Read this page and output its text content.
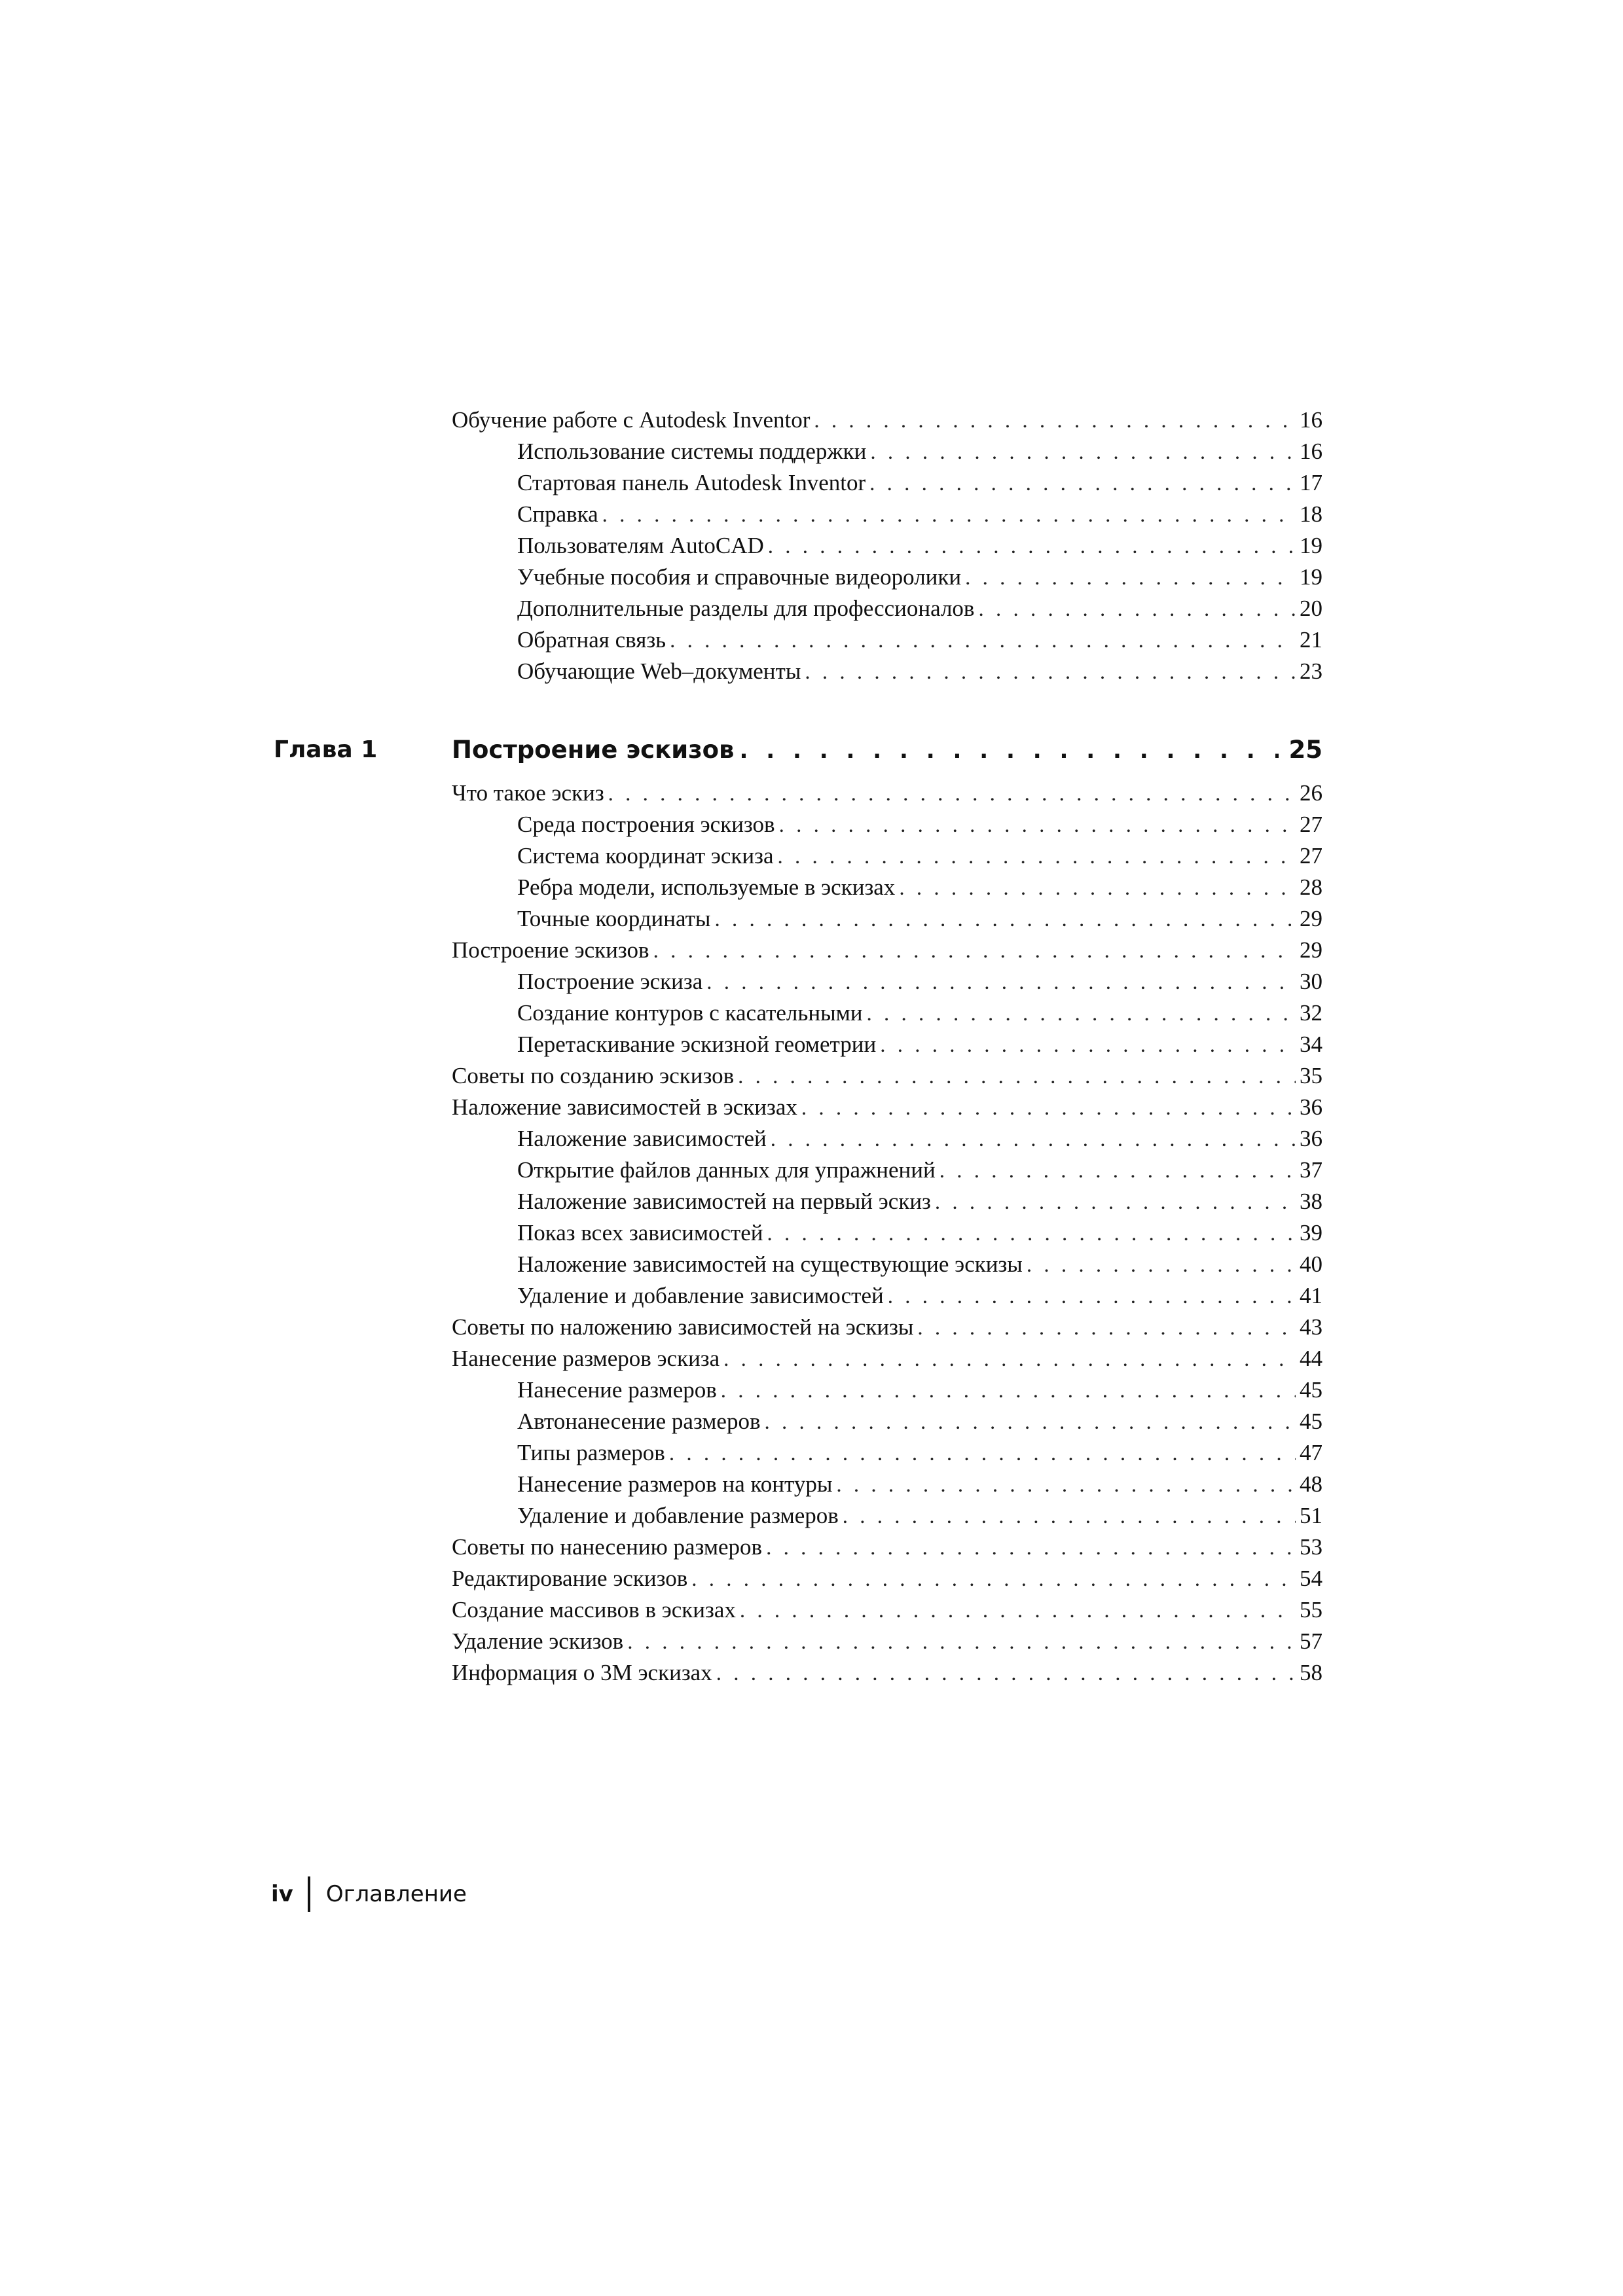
Обучение работе с Autodesk Inventor . . .	16
Использование системы поддержки . . .	16
Стартовая панель Autodesk Inventor . . .	17
Справка . . .	18
Пользователям AutoCAD . . .	19
Учебные пособия и справочные видеоролики . . .	19
Дополнительные разделы для профессионалов . . .	20
Обратная связь . . .	21
Обучающие Web–документы . . .	23
Глава 1	Построение эскизов . . .	25
Что такое эскиз . . .	26
Среда построения эскизов . . .	27
Система координат эскиза . . .	27
Ребра модели, используемые в эскизах . . .	28
Точные координаты . . .	29
Построение эскизов . . .	29
Построение эскиза . . .	30
Создание контуров с касательными . . .	32
Перетаскивание эскизной геометрии . . .	34
Советы по созданию эскизов . . .	35
Наложение зависимостей в эскизах . . .	36
Наложение зависимостей . . .	36
Открытие файлов данных для упражнений . . .	37
Наложение зависимостей на первый эскиз . . .	38
Показ всех зависимостей . . .	39
Наложение зависимостей на существующие эскизы . . .	40
Удаление и добавление зависимостей . . .	41
Советы по наложению зависимостей на эскизы . . .	43
Нанесение размеров эскиза . . .	44
Нанесение размеров . . .	45
Автонанесение размеров . . .	45
Типы размеров . . .	47
Нанесение размеров на контуры . . .	48
Удаление и добавление размеров . . .	51
Советы по нанесению размеров . . .	53
Редактирование эскизов . . .	54
Создание массивов в эскизах . . .	55
Удаление эскизов . . .	57
Информация о 3М эскизах . . .	58
iv Оглавление
